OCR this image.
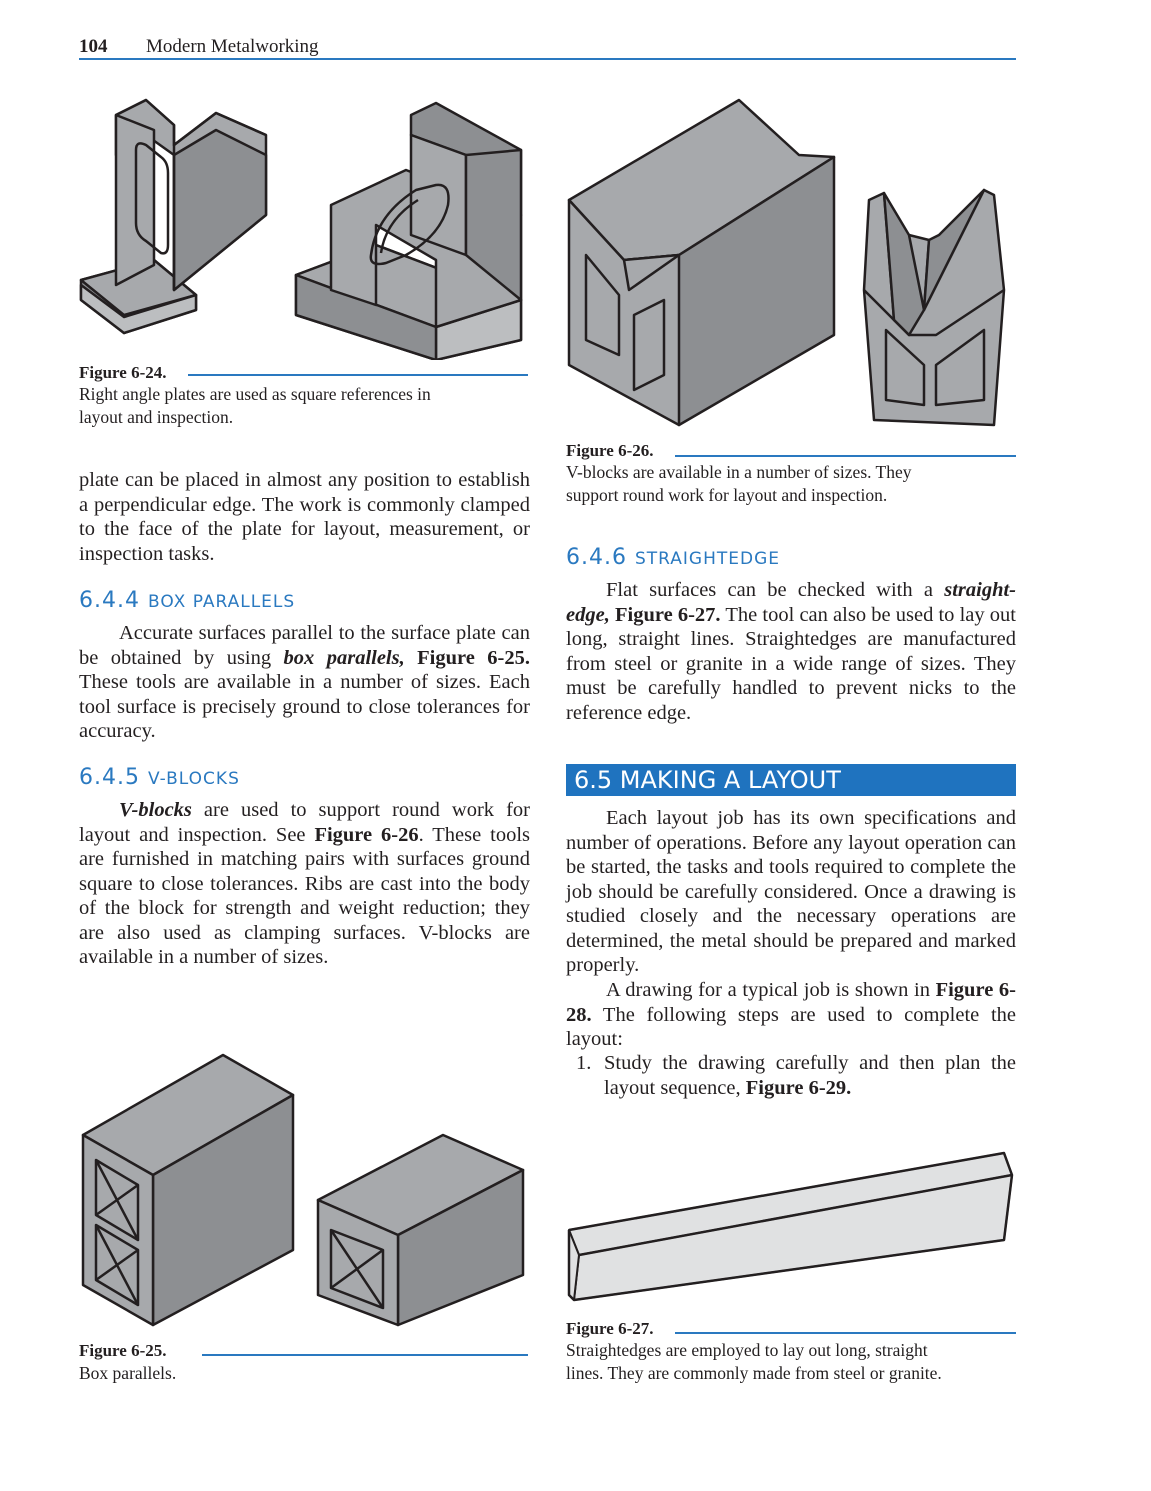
104 Modern Metalworking
Figure 6-24.
Right angle plates are used as square references in
layout and inspection.
plate can be placed in almost any position to establish a perpendicular edge. The work is commonly clamped to the face of the plate for layout, measurement, or inspection tasks.
6.4.4 BOX PARALLELS
Accurate surfaces parallel to the surface plate can be obtained by using box parallels, Figure 6-25. These tools are available in a number of sizes. Each tool surface is precisely ground to close tolerances for accuracy.
6.4.5 V-BLOCKS
V-blocks are used to support round work for layout and inspection. See Figure 6-26. These tools are furnished in matching pairs with surfaces ground square to close tolerances. Ribs are cast into the body of the block for strength and weight reduction; they are also used as clamping surfaces. V-blocks are available in a number of sizes.
Figure 6-25.
Box parallels.
Figure 6-26.
V-blocks are available in a number of sizes. They
support round work for layout and inspection.
6.4.6 STRAIGHTEDGE
Flat surfaces can be checked with a straight-edge, Figure 6-27. The tool can also be used to lay out long, straight lines. Straightedges are manufactured from steel or granite in a wide range of sizes. They must be carefully handled to prevent nicks to the reference edge.
6.5 MAKING A LAYOUT
Each layout job has its own specifications and number of operations. Before any layout operation can be started, the tasks and tools required to complete the job should be carefully considered. Once a drawing is studied closely and the necessary operations are determined, the metal should be prepared and marked properly.
A drawing for a typical job is shown in Figure 6-28. The following steps are used to complete the layout:
1. Study the drawing carefully and then plan the layout sequence, Figure 6-29.
Figure 6-27.
Straightedges are employed to lay out long, straight
lines. They are commonly made from steel or granite.
